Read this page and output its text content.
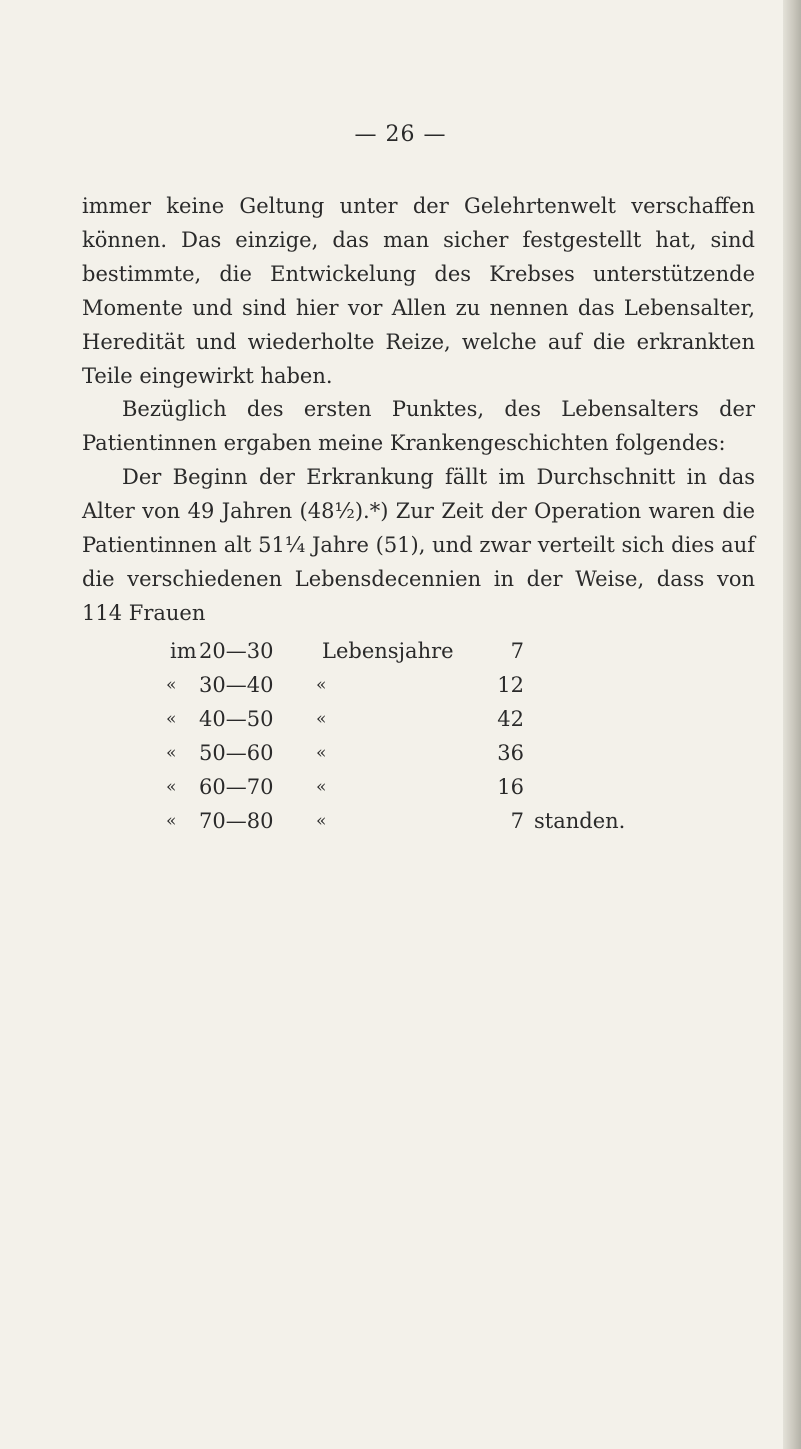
— 26 —

immer keine Geltung unter der Gelehrtenwelt verschaffen können. Das einzige, das man sicher festgestellt hat, sind bestimmte, die Entwickelung des Krebses unterstützende Momente und sind hier vor Allen zu nennen das Lebensalter, Heredität und wiederholte Reize, welche auf die erkrankten Teile eingewirkt haben.

Bezüglich des ersten Punktes, des Lebensalters der Patientinnen ergaben meine Krankengeschichten folgendes:

Der Beginn der Erkrankung fällt im Durchschnitt in das Alter von 49 Jahren (48½).*) Zur Zeit der Operation waren die Patientinnen alt 51¼ Jahre (51), und zwar verteilt sich dies auf die verschiedenen Lebensdecennien in der Weise, dass von 114 Frauen

im 20—30 Lebensjahre	7
« 30—40	«	12
« 40—50	«	42
« 50—60	«	36
« 60—70	«	16
« 70—80	«	7 standen.
